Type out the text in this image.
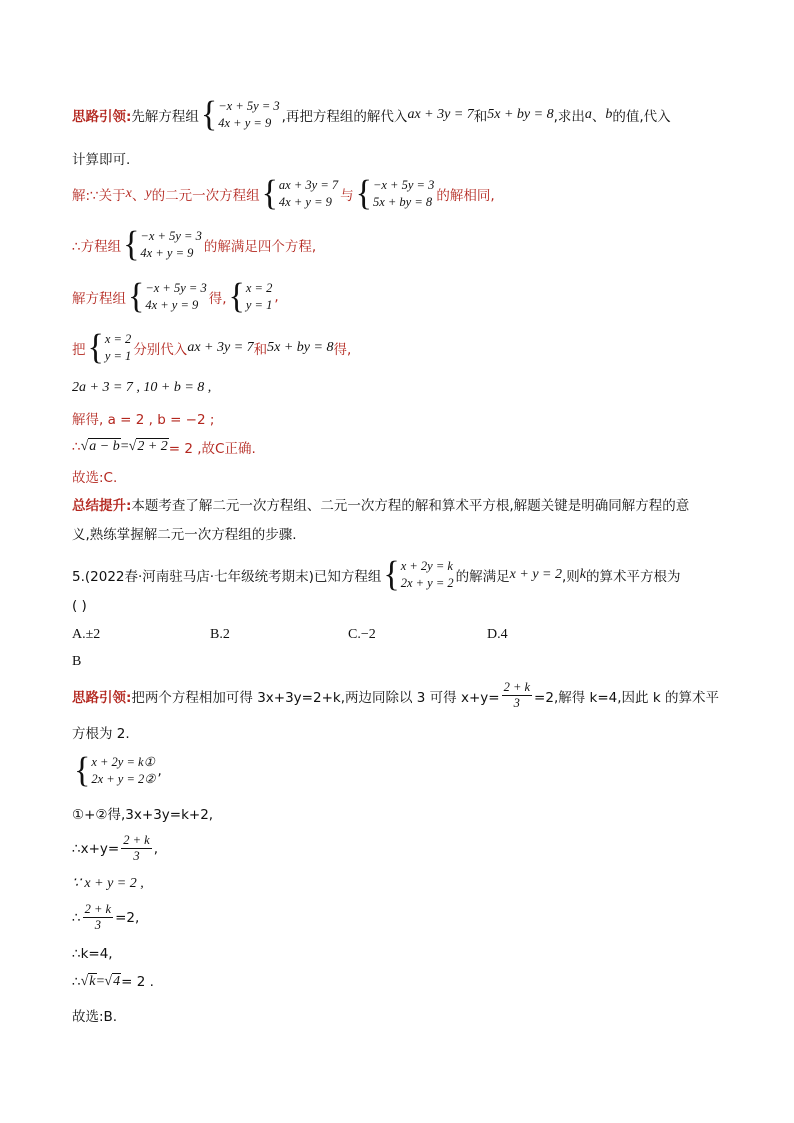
思路引领: 先解方程组 { −x + 5y = 3
4x + y = 9 ,再把方程组的解代入 ax + 3y = 7 和 5x + by = 8 ,求出 a 、 b 的值,代入
计算即可.
解:∵关于 x 、 y 的二元一次方程组 { ax + 3y = 7
4x + y = 9 与 { −x + 5y = 3
5x + by = 8 的解相同,
∴方程组 { −x + 5y = 3
4x + y = 9 的解满足四个方程,
解方程组 { −x + 5y = 3
4x + y = 9 得, { x = 2
y = 1 ,
把 { x = 2
y = 1 分别代入 ax + 3y = 7 和 5x + by = 8 得,
2a + 3 = 7 , 10 + b = 8 ,
解得, a = 2 , b = −2 ;
∴ √a − b = √2 + 2 = 2 ,故C正确.
故选:C.
总结提升: 本题考查了解二元一次方程组、二元一次方程的解和算术平方根,解题关键是明确同解方程的意
义,熟练掌握解二元一次方程组的步骤.
5.(2022春·河南驻马店·七年级统考期末)已知方程组 { x + 2y = k
2x + y = 2 的解满足 x + y = 2 ,则 k 的算术平方根为
( )
A.±2	B.2	C.−2	D.4
B
思路引领: 把两个方程相加可得 3x+3y=2+k,两边同除以 3 可得 $x+y= \frac{2 + k}{3} =2$,解得 k=4,因此 k 的算术平
方根为 2.
{ x + 2y = k①
2x + y = 2② ,
①+②得,3x+3y=k+2,
∴x+y= $\frac{2 + k}{3}$ ,
∵ x + y = 2 ,
∴ $\frac{2 + k}{3} =2$,
∴k=4,
∴ √k = √4 = 2 .
故选:B.
